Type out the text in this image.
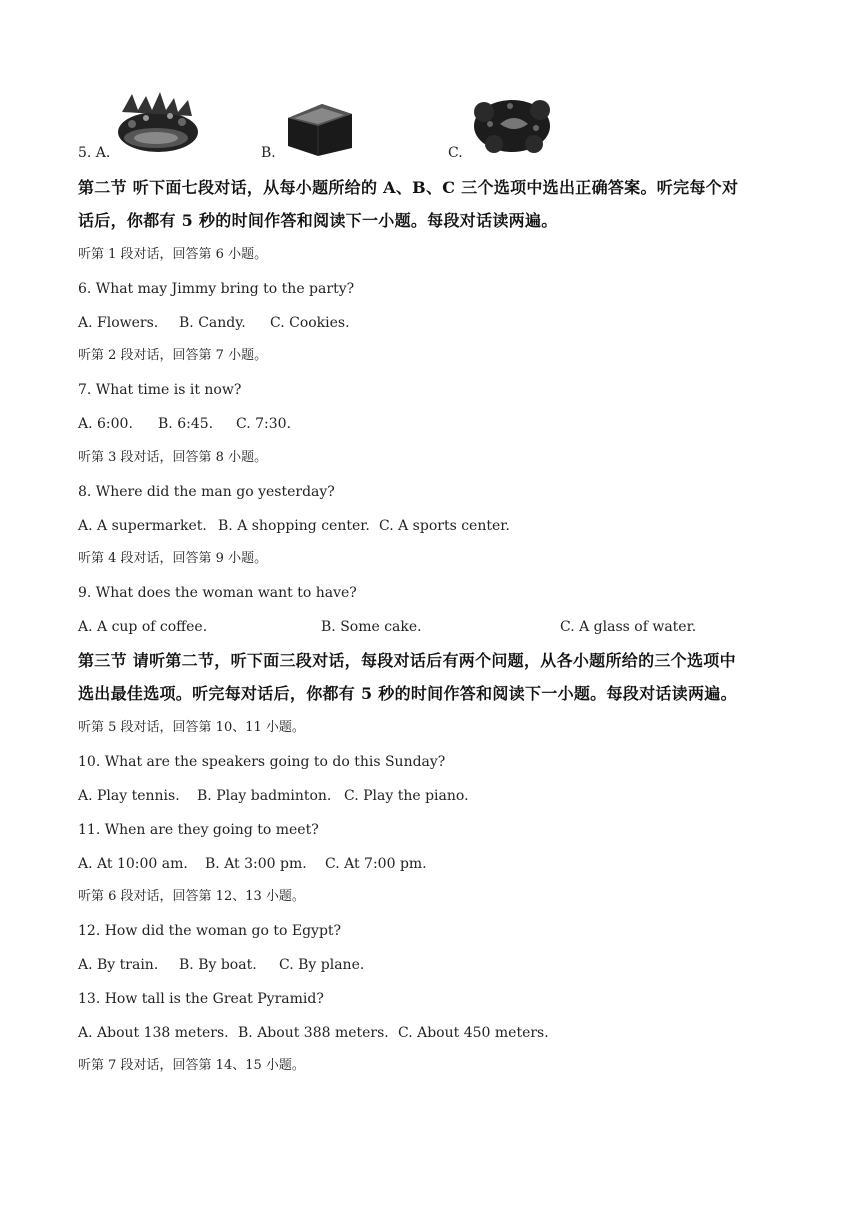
5. A.	B.	C.
第二节 听下面七段对话，从每小题所给的 A、B、C 三个选项中选出正确答案。听完每个对
话后，你都有 5 秒的时间作答和阅读下一小题。每段对话读两遍。
听第 1 段对话，回答第 6 小题。
6. What may Jimmy bring to the party?
A. Flowers. B. Candy. C. Cookies.
听第 2 段对话，回答第 7 小题。
7. What time is it now?
A. 6:00. B. 6:45. C. 7:30.
听第 3 段对话，回答第 8 小题。
8. Where did the man go yesterday?
A. A supermarket. B. A shopping center. C. A sports center.
听第 4 段对话，回答第 9 小题。
9. What does the woman want to have?
A. A cup of coffee.	B. Some cake.	C. A glass of water.
第三节 请听第二节，听下面三段对话，每段对话后有两个问题，从各小题所给的三个选项中
选出最佳选项。听完每对话后，你都有 5 秒的时间作答和阅读下一小题。每段对话读两遍。
听第 5 段对话，回答第 10、11 小题。
10. What are the speakers going to do this Sunday?
A. Play tennis. B. Play badminton. C. Play the piano.
11. When are they going to meet?
A. At 10:00 am. B. At 3:00 pm. C. At 7:00 pm.
听第 6 段对话，回答第 12、13 小题。
12. How did the woman go to Egypt?
A. By train. B. By boat. C. By plane.
13. How tall is the Great Pyramid?
A. About 138 meters. B. About 388 meters. C. About 450 meters.
听第 7 段对话，回答第 14、15 小题。
